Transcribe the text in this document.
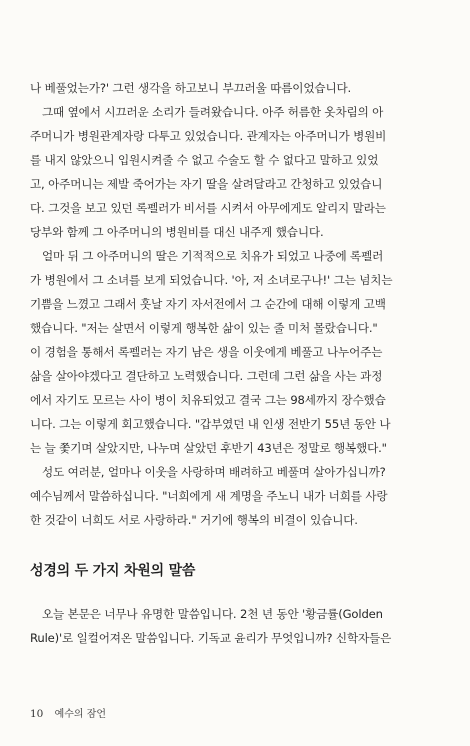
나 베풀었는가?' 그런 생각을 하고보니 부끄러울 따름이었습니다.
그때 옆에서 시끄러운 소리가 들려왔습니다. 아주 허름한 옷차림의 아
주머니가 병원관계자랑 다투고 있었습니다. 관계자는 아주머니가 병원비
를 내지 않았으니 입원시켜줄 수 없고 수술도 할 수 없다고 말하고 있었
고, 아주머니는 제발 죽어가는 자기 딸을 살려달라고 간청하고 있었습니
다. 그것을 보고 있던 록펠러가 비서를 시켜서 아무에게도 알리지 말라는
당부와 함께 그 아주머니의 병원비를 대신 내주게 했습니다.
얼마 뒤 그 아주머니의 딸은 기적적으로 치유가 되었고 나중에 록펠러
가 병원에서 그 소녀를 보게 되었습니다. '아, 저 소녀로구나!' 그는 넘치는
기쁨을 느꼈고 그래서 훗날 자기 자서전에서 그 순간에 대해 이렇게 고백
했습니다. "저는 살면서 이렇게 행복한 삶이 있는 줄 미처 몰랐습니다."
이 경험을 통해서 록펠러는 자기 남은 생을 이웃에게 베풀고 나누어주는
삶을 살아야겠다고 결단하고 노력했습니다. 그런데 그런 삶을 사는 과정
에서 자기도 모르는 사이 병이 치유되었고 결국 그는 98세까지 장수했습
니다. 그는 이렇게 회고했습니다. "갑부였던 내 인생 전반기 55년 동안 나
는 늘 쫓기며 살았지만, 나누며 살았던 후반기 43년은 정말로 행복했다."
성도 여러분, 얼마나 이웃을 사랑하며 배려하고 베풀며 살아가십니까?
예수님께서 말씀하십니다. "너희에게 새 계명을 주노니 내가 너희를 사랑
한 것같이 너희도 서로 사랑하라." 거기에 행복의 비결이 있습니다.
성경의 두 가지 차원의 말씀
오늘 본문은 너무나 유명한 말씀입니다. 2천 년 동안 '황금률(Golden
Rule)'로 일컬어져온 말씀입니다. 기독교 윤리가 무엇입니까? 신학자들은
10 예수의 잠언
